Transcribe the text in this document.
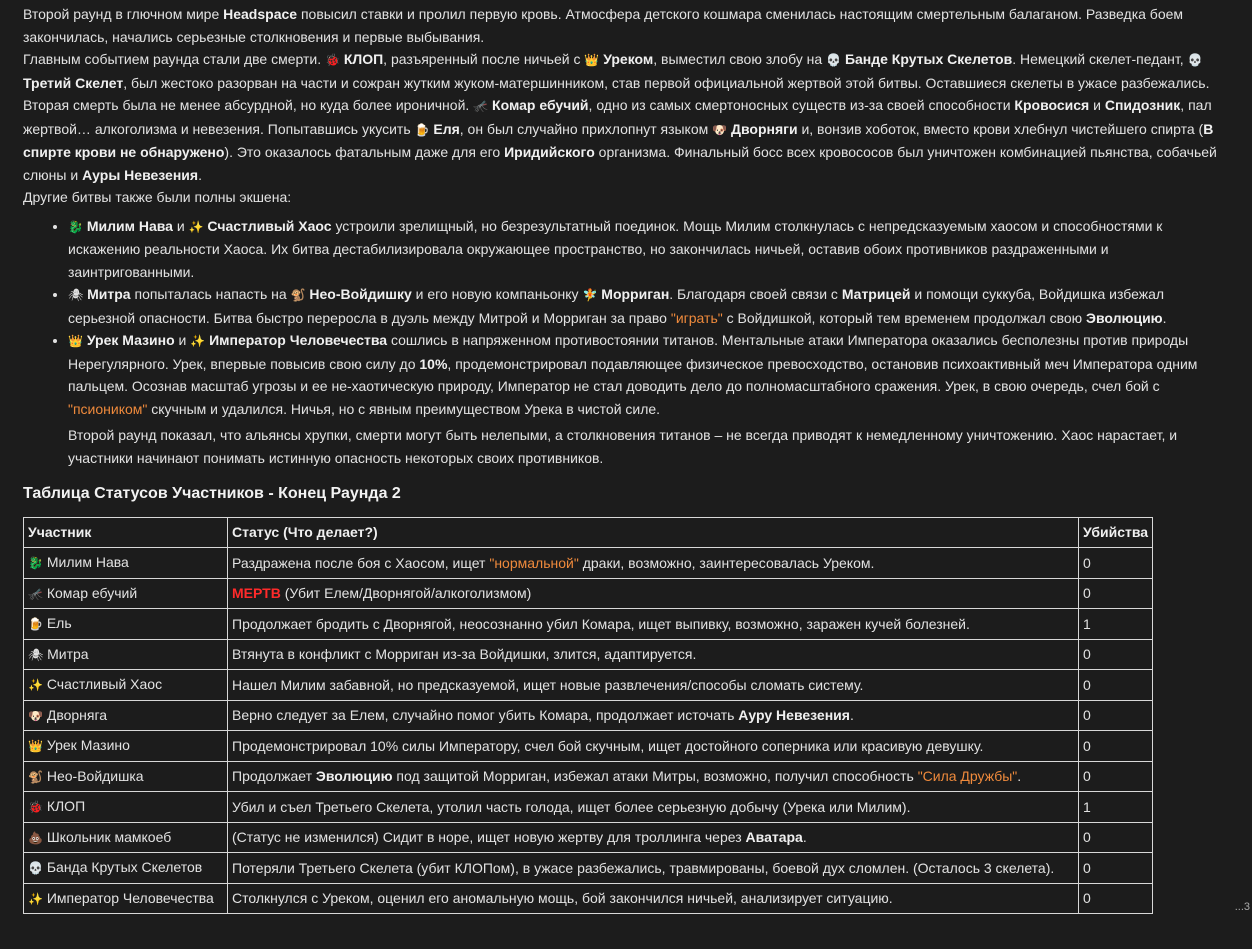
Второй раунд в глючном мире Headspace повысил ставки и пролил первую кровь. Атмосфера детского кошмара сменилась настоящим смертельным балаганом. Разведка боем закончилась, начались серьезные столкновения и первые выбывания.

Главным событием раунда стали две смерти. 🐞 КЛОП, разъяренный после ничьей с 👑 Уреком, выместил свою злобу на 💀 Банде Крутых Скелетов. Немецкий скелет-педант, 💀 Третий Скелет, был жестоко разорван на части и сожран жутким жуком-матершинником, став первой официальной жертвой этой битвы. Оставшиеся скелеты в ужасе разбежались.

Вторая смерть была не менее абсурдной, но куда более ироничной. 🦟 Комар ебучий, одно из самых смертоносных существ из-за своей способности Кровосися и Спидозник, пал жертвой… алкоголизма и невезения. Попытавшись укусить 🍺 Еля, он был случайно прихлопнут языком 🐶 Дворняги и, вонзив хоботок, вместо крови хлебнул чистейшего спирта (В спирте крови не обнаружено). Это оказалось фатальным даже для его Иридийского организма. Финальный босс всех кровососов был уничтожен комбинацией пьянства, собачьей слюны и Ауры Невезения.

Другие битвы также были полны экшена:

• 🐉 Милим Нава и ✨ Счастливый Хаос устроили зрелищный, но безрезультатный поединок. Мощь Милим столкнулась с непредсказуемым хаосом и способностями к искажению реальности Хаоса. Их битва дестабилизировала окружающее пространство, но закончилась ничьей, оставив обоих противников раздраженными и заинтригованными.
• 🕷 Митра попыталась напасть на 🐒 Нео-Войдишку и его новую компаньонку 🧚 Морриган. Благодаря своей связи с Матрицей и помощи суккуба, Войдишка избежал серьезной опасности. Битва быстро переросла в дуэль между Митрой и Морриган за право "играть" с Войдишкой, который тем временем продолжал свою Эволюцию.
• 👑 Урек Мазино и ✨ Император Человечества сошлись в напряженном противостоянии титанов. Ментальные атаки Императора оказались бесполезны против природы Нерегулярного. Урек, впервые повысив свою силу до 10%, продемонстрировал подавляющее физическое превосходство, остановив психоактивный меч Императора одним пальцем. Осознав масштаб угрозы и ее не-хаотическую природу, Император не стал доводить дело до полномасштабного сражения. Урек, в свою очередь, счел бой с "псиоником" скучным и удалился. Ничья, но с явным преимуществом Урека в чистой силе.

Второй раунд показал, что альянсы хрупки, смерти могут быть нелепыми, а столкновения титанов – не всегда приводят к немедленному уничтожению. Хаос нарастает, и участники начинают понимать истинную опасность некоторых своих противников.

Таблица Статусов Участников - Конец Раунда 2
Участник	Статус (Что делает?)	Убийства
🐉 Милим Нава	Раздражена после боя с Хаосом, ищет "нормальной" драки, возможно, заинтересовалась Уреком.	0
🦟 Комар ебучий	МЕРТВ (Убит Елем/Дворнягой/алкоголизмом)	0
🍺 Ель	Продолжает бродить с Дворнягой, неосознанно убил Комара, ищет выпивку, возможно, заражен кучей болезней.	1
🕷 Митра	Втянута в конфликт с Морриган из-за Войдишки, злится, адаптируется.	0
✨ Счастливый Хаос	Нашел Милим забавной, но предсказуемой, ищет новые развлечения/способы сломать систему.	0
🐶 Дворняга	Верно следует за Елем, случайно помог убить Комара, продолжает источать Ауру Невезения.	0
👑 Урек Мазино	Продемонстрировал 10% силы Императору, счел бой скучным, ищет достойного соперника или красивую девушку.	0
🐒 Нео-Войдишка	Продолжает Эволюцию под защитой Морриган, избежал атаки Митры, возможно, получил способность "Сила Дружбы".	0
🐞 КЛОП	Убил и съел Третьего Скелета, утолил часть голода, ищет более серьезную добычу (Урека или Милим).	1
💩 Школьник мамкоеб	(Статус не изменился) Сидит в норе, ищет новую жертву для троллинга через Аватара.	0
💀 Банда Крутых Скелетов	Потеряли Третьего Скелета (убит КЛОПом), в ужасе разбежались, травмированы, боевой дух сломлен. (Осталось 3 скелета).	0
✨ Император Человечества	Столкнулся с Уреком, оценил его аномальную мощь, бой закончился ничьей, анализирует ситуацию.	0
...3
